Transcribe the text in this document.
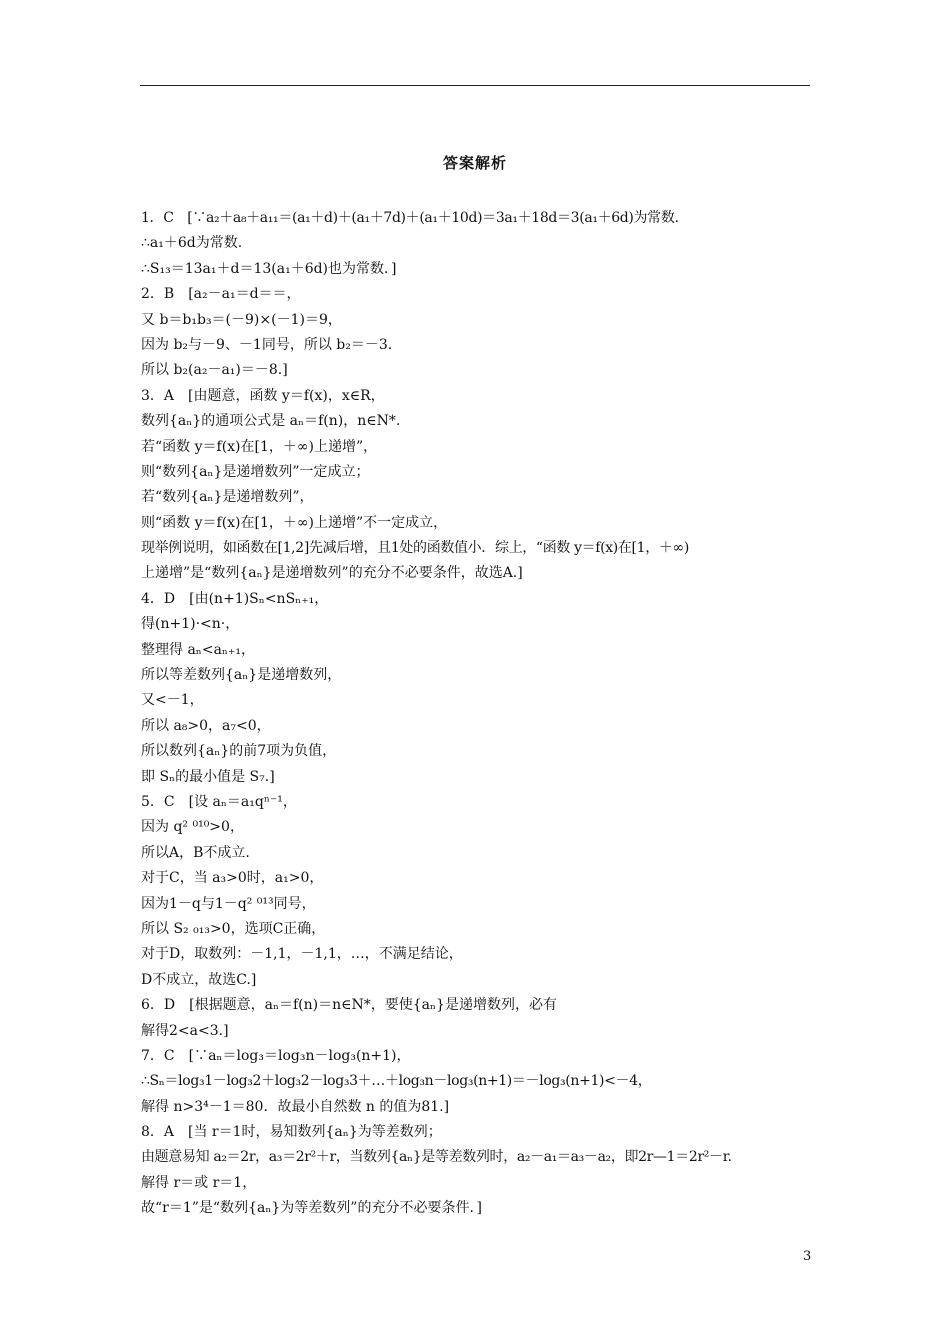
答案解析
1．C　[∵a₂＋a₈＋a₁₁＝(a₁＋d)＋(a₁＋7d)＋(a₁＋10d)＝3a₁＋18d＝3(a₁＋6d)为常数.
∴a₁＋6d为常数.
∴S₁₃＝13a₁＋d＝13(a₁＋6d)也为常数．]
2．B　[a₂－a₁＝d＝＝，
又 b＝b₁b₃＝(－9)×(－1)＝9，
因为 b₂与－9、－1同号，所以 b₂＝－3.
所以 b₂(a₂－a₁)＝－8.]
3．A　[由题意，函数 y＝f(x)，x∈R，
数列{aₙ}的通项公式是 aₙ＝f(n)，n∈N*.
若“函数 y＝f(x)在[1，＋∞)上递增”，
则“数列{aₙ}是递增数列”一定成立；
若“数列{aₙ}是递增数列”，
则“函数 y＝f(x)在[1，＋∞)上递增”不一定成立，
现举例说明，如函数在[1,2]先减后增，且1处的函数值小．综上，“函数 y＝f(x)在[1，＋∞)
上递增”是“数列{aₙ}是递增数列”的充分不必要条件，故选A.]
4．D　[由(n+1)Sₙ<nSₙ₊₁，
得(n+1)·<n·，
整理得 aₙ<aₙ₊₁，
所以等差数列{aₙ}是递增数列，
又<－1，
所以 a₈>0，a₇<0，
所以数列{aₙ}的前7项为负值，
即 Sₙ的最小值是 S₇.]
5．C　[设 aₙ＝a₁qⁿ⁻¹，
因为 q² ⁰¹⁰>0，
所以A，B不成立.
对于C，当 a₃>0时，a₁>0，
因为1－q与1－q² ⁰¹³同号，
所以 S₂ ₀₁₃>0，选项C正确，
对于D，取数列：－1,1，－1,1，…，不满足结论，
D不成立，故选C.]
6．D　[根据题意，aₙ＝f(n)＝n∈N*，要使{aₙ}是递增数列，必有
解得2<a<3.]
7．C　[∵aₙ＝log₃＝log₃n－log₃(n+1)，
∴Sₙ＝log₃1－log₃2＋log₃2－log₃3＋…＋log₃n－log₃(n+1)＝－log₃(n+1)<－4，
解得 n>3⁴－1＝80．故最小自然数 n 的值为81.]
8．A　[当 r＝1时，易知数列{aₙ}为等差数列；
由题意易知 a₂＝2r，a₃＝2r²＋r，当数列{aₙ}是等差数列时，a₂－a₁＝a₃－a₂，即2r—1＝2r²－r.
解得 r＝或 r＝1，
故“r＝1”是“数列{aₙ}为等差数列”的充分不必要条件．]
3
